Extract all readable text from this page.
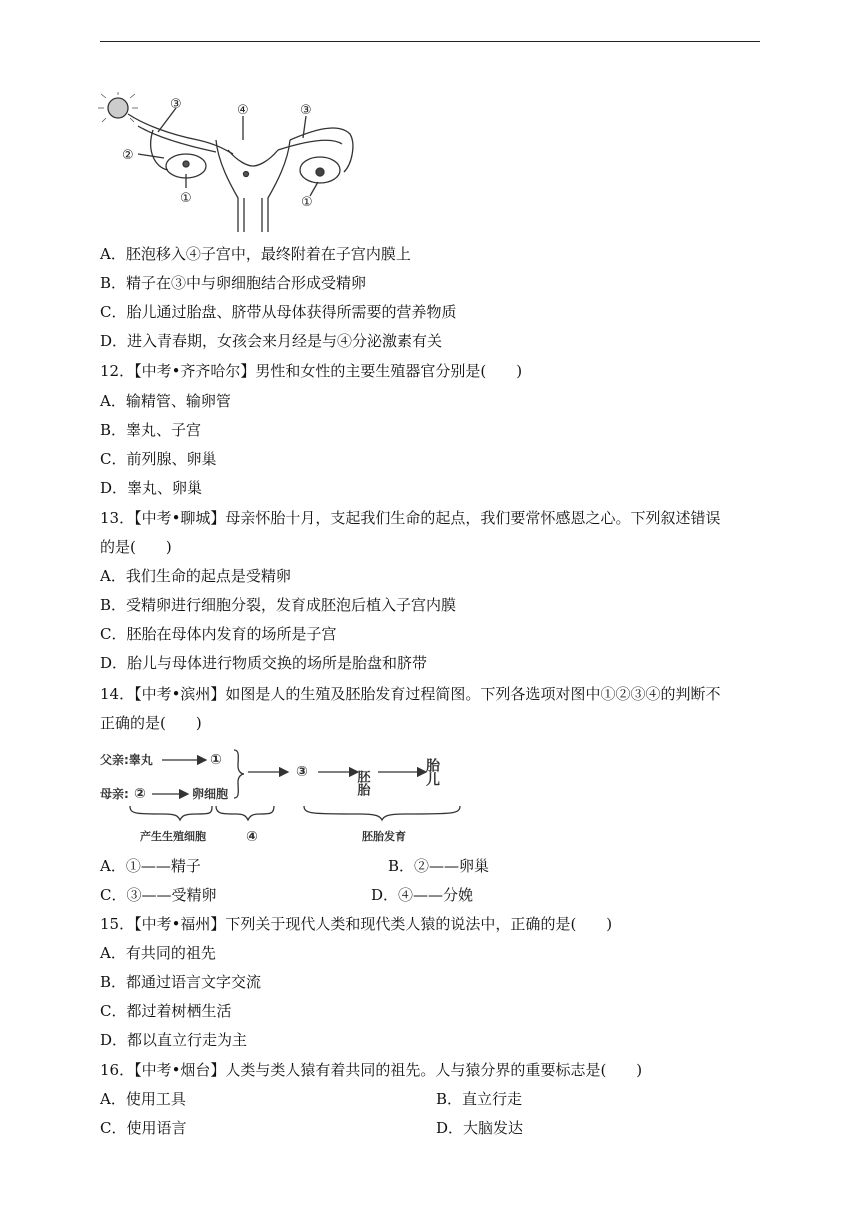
③	④	③
②
①	①
A．胚泡移入④子宫中，最终附着在子宫内膜上
B．精子在③中与卵细胞结合形成受精卵
C．胎儿通过胎盘、脐带从母体获得所需要的营养物质
D．进入青春期，女孩会来月经是与④分泌激素有关
12．【中考•齐齐哈尔】男性和女性的主要生殖器官分别是(　　)
A．输精管、输卵管
B．睾丸、子宫
C．前列腺、卵巢
D．睾丸、卵巢
13．【中考•聊城】母亲怀胎十月，支起我们生命的起点，我们要常怀感恩之心。下列叙述错误
的是(　　)
A．我们生命的起点是受精卵
B．受精卵进行细胞分裂，发育成胚泡后植入子宫内膜
C．胚胎在母体内发育的场所是子宫
D．胎儿与母体进行物质交换的场所是胎盘和脐带
14．【中考•滨州】如图是人的生殖及胚胎发育过程简图。下列各选项对图中①②③④的判断不
正确的是(　　)
父亲:睾丸
母亲:
①
②	卵细胞
③	胚胎	胎儿
产生生殖细胞	④	胚胎发育
A．①——精子	B．②——卵巢
C．③——受精卵	D．④——分娩
15．【中考•福州】下列关于现代人类和现代类人猿的说法中，正确的是(　　)
A．有共同的祖先
B．都通过语言文字交流
C．都过着树栖生活
D．都以直立行走为主
16．【中考•烟台】人类与类人猿有着共同的祖先。人与猿分界的重要标志是(　　)
A．使用工具	B．直立行走
C．使用语言	D．大脑发达
